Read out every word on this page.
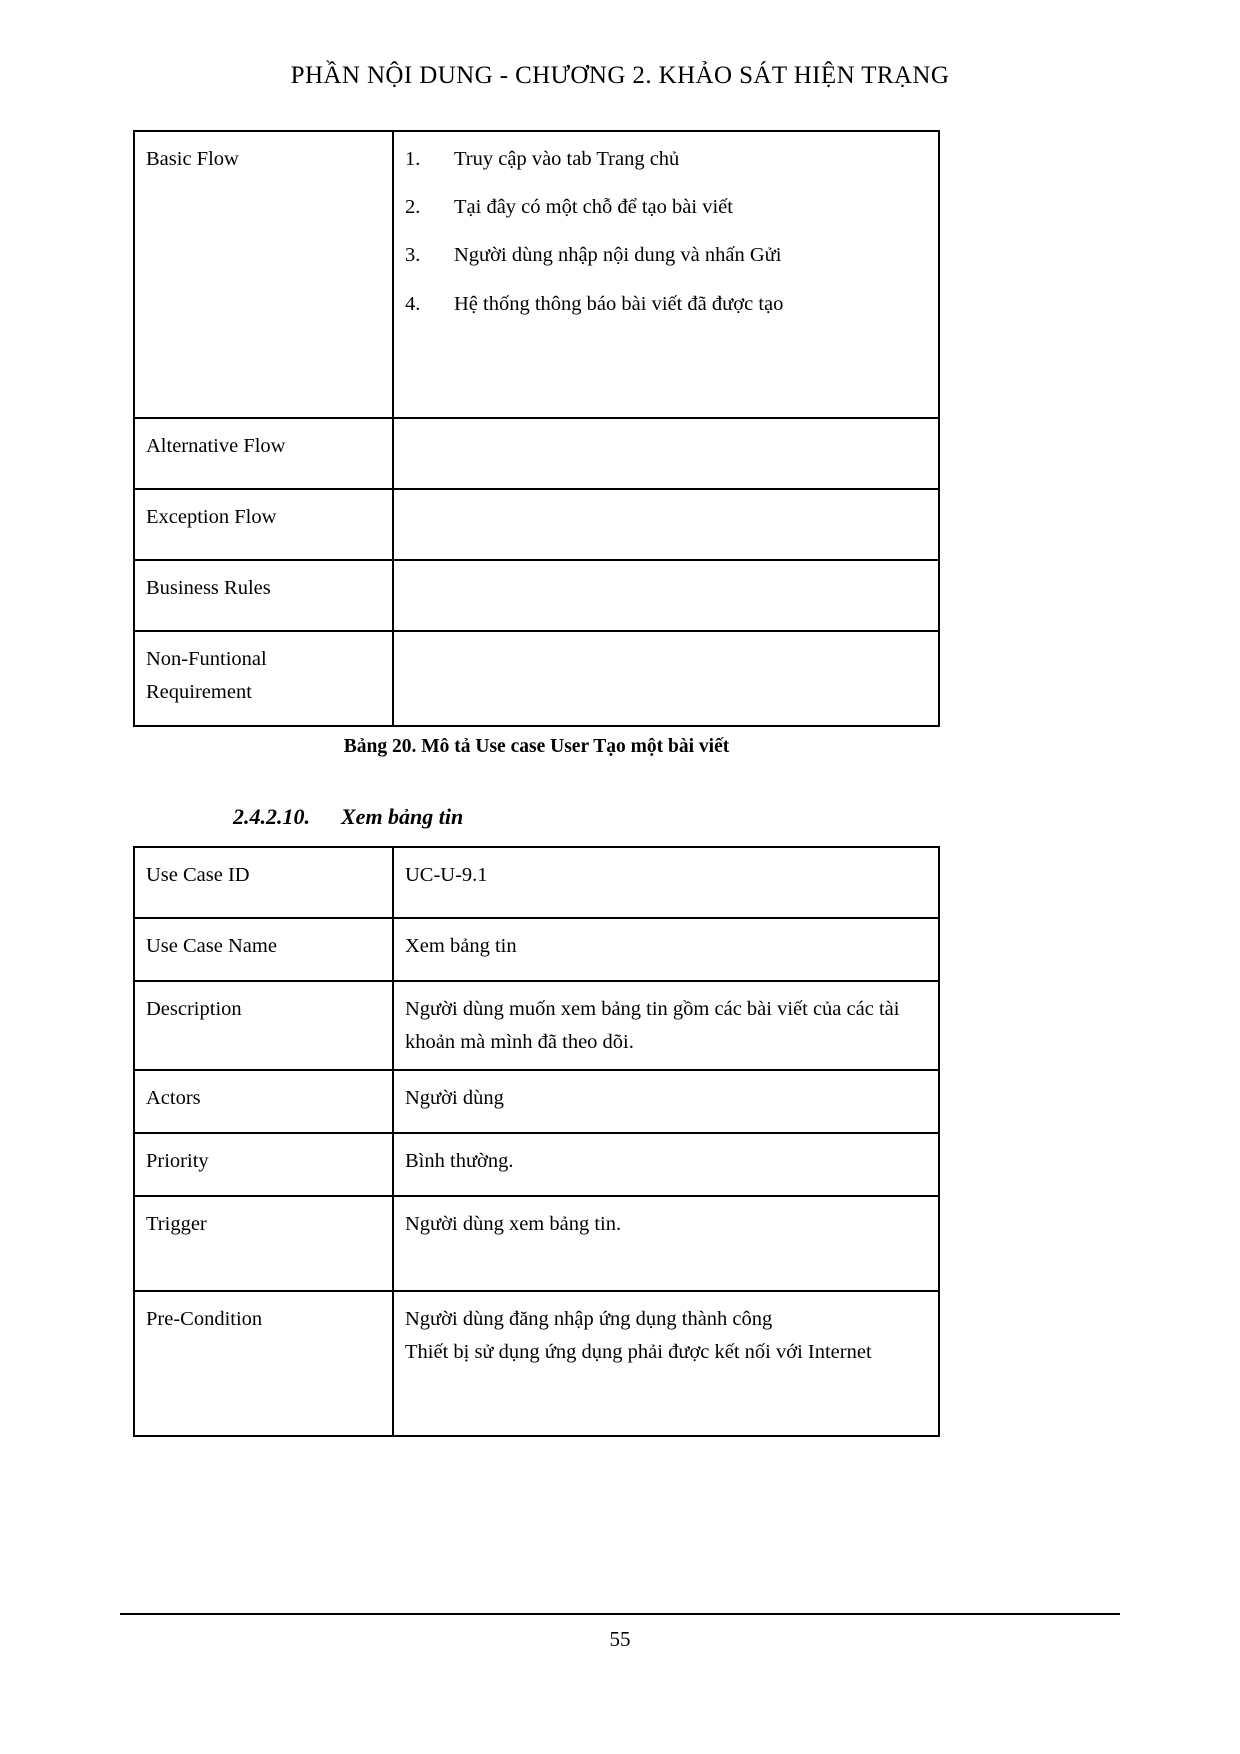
PHẦN NỘI DUNG - CHƯƠNG 2. KHẢO SÁT HIỆN TRẠNG
Basic Flow	1.	Truy cập vào tab Trang chủ
2.	Tại đây có một chỗ để tạo bài viết
3.	Người dùng nhập nội dung và nhấn Gửi
4.	Hệ thống thông báo bài viết đã được tạo

Alternative Flow	
Exception Flow	
Business Rules	

Non-Funtional
Requirement	

Bảng 20. Mô tả Use case User Tạo một bài viết
2.4.2.10. Xem bảng tin
Use Case ID	UC-U-9.1

Use Case Name	Xem bảng tin

Description	Người dùng muốn xem bảng tin gồm các bài viết của các tài
khoản mà mình đã theo dõi.

Actors	Người dùng

Priority	Bình thường.

Trigger	Người dùng xem bảng tin.

Pre-Condition	Người dùng đăng nhập ứng dụng thành công
Thiết bị sử dụng ứng dụng phải được kết nối với Internet
55
